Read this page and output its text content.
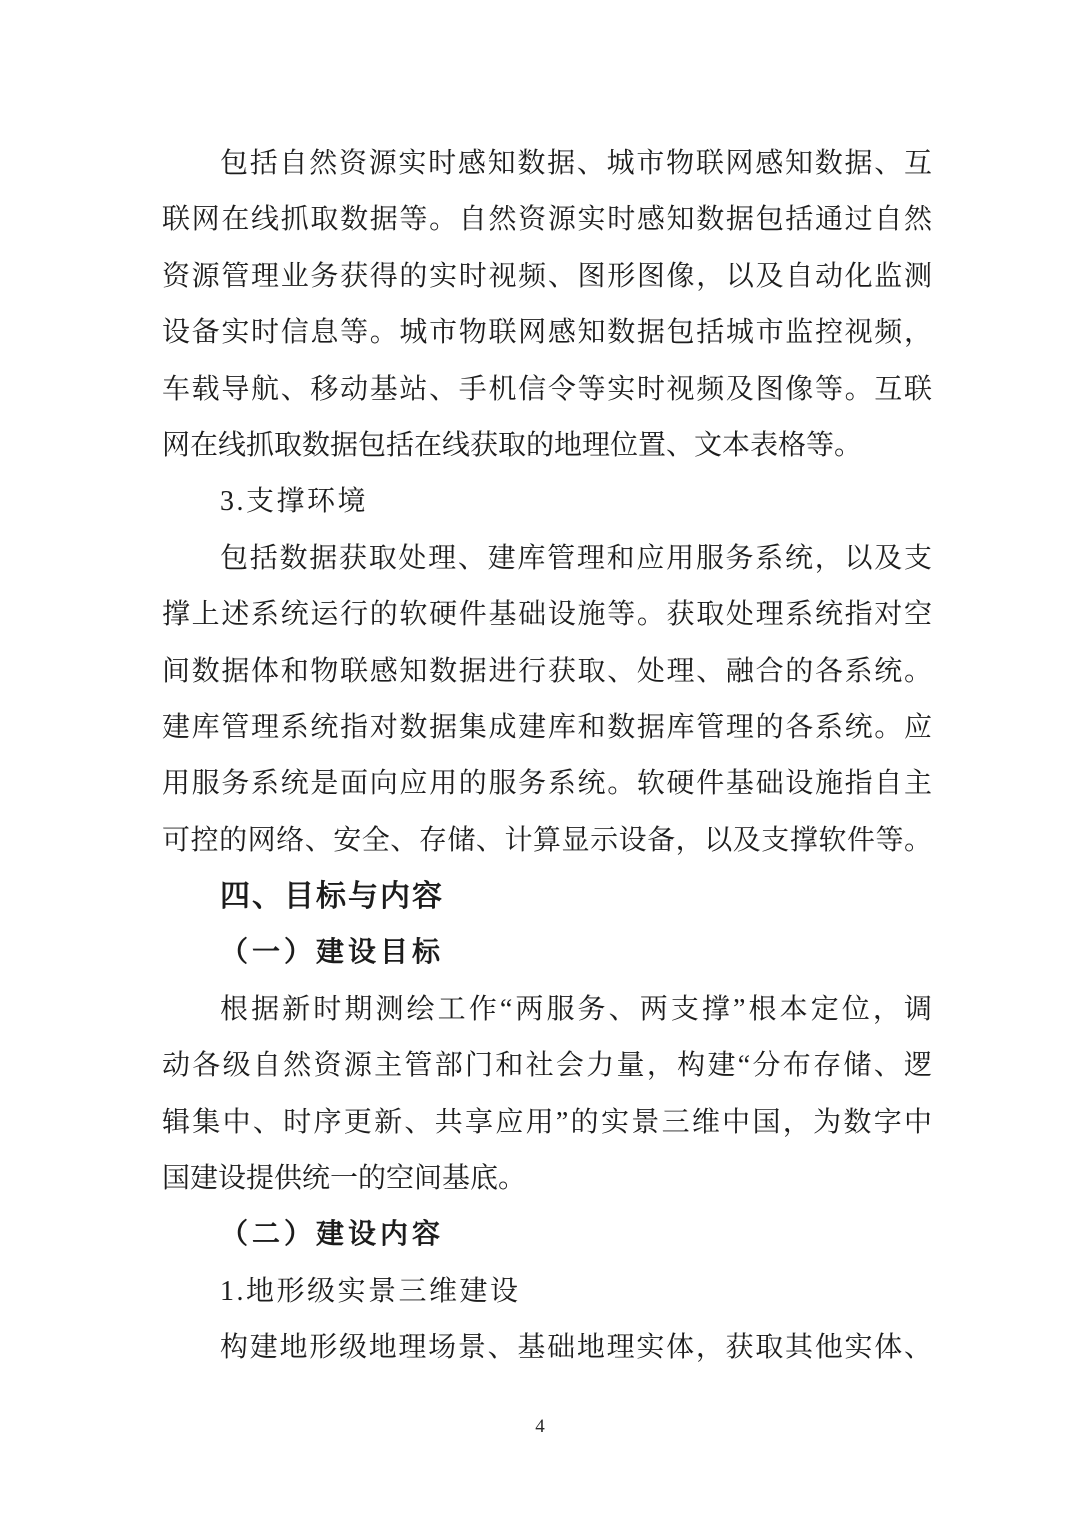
包括自然资源实时感知数据、城市物联网感知数据、互
联网在线抓取数据等。自然资源实时感知数据包括通过自然
资源管理业务获得的实时视频、图形图像，以及自动化监测
设备实时信息等。城市物联网感知数据包括城市监控视频，
车载导航、移动基站、手机信令等实时视频及图像等。互联
网在线抓取数据包括在线获取的地理位置、文本表格等。
3.支撑环境
包括数据获取处理、建库管理和应用服务系统，以及支
撑上述系统运行的软硬件基础设施等。获取处理系统指对空
间数据体和物联感知数据进行获取、处理、融合的各系统。
建库管理系统指对数据集成建库和数据库管理的各系统。应
用服务系统是面向应用的服务系统。软硬件基础设施指自主
可控的网络、安全、存储、计算显示设备，以及支撑软件等。
四、目标与内容
（一）建设目标
根据新时期测绘工作“两服务、两支撑”根本定位，调
动各级自然资源主管部门和社会力量，构建“分布存储、逻
辑集中、时序更新、共享应用”的实景三维中国，为数字中
国建设提供统一的空间基底。
（二）建设内容
1.地形级实景三维建设
构建地形级地理场景、基础地理实体，获取其他实体、
4
